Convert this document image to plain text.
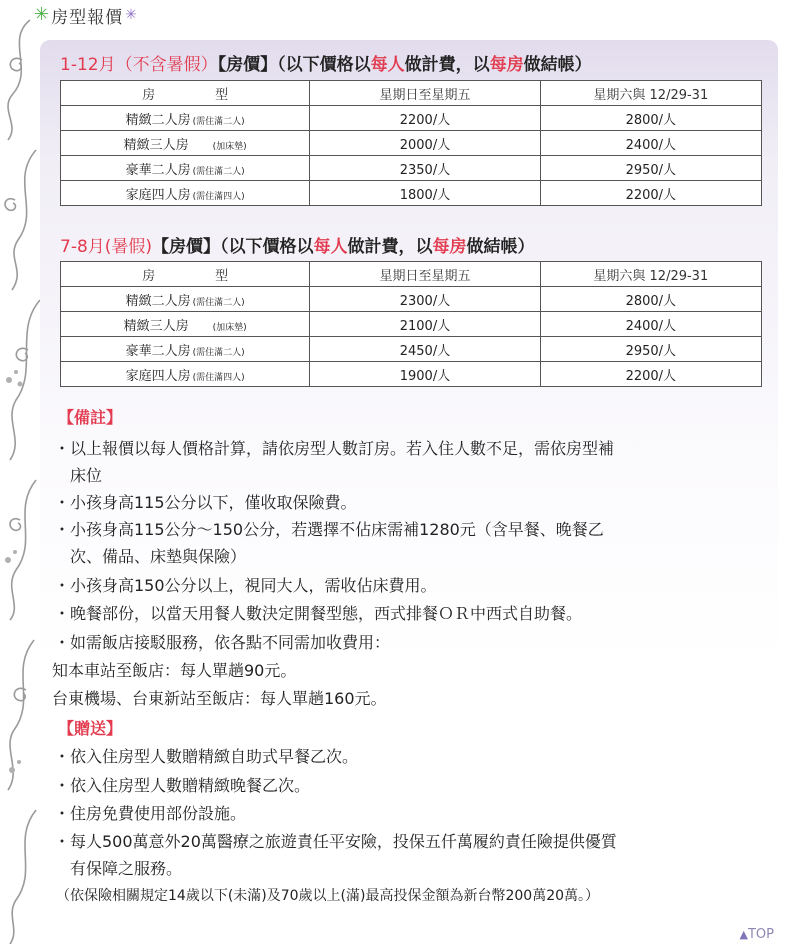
✳ 房型報價 ✳
1-12月（不含暑假）【房價】（以下價格以每人做計費，以每房做結帳）
房 型	星期日至星期五	星期六與 12/29-31
精緻二人房 (需住滿二人)	2200/人	2800/人
精緻三人房 (加床墊)	2000/人	2400/人
豪華二人房 (需住滿二人)	2350/人	2950/人
家庭四人房 (需住滿四人)	1800/人	2200/人
7-8月(暑假)【房價】（以下價格以每人做計費，以每房做結帳）
房 型	星期日至星期五	星期六與 12/29-31
精緻二人房 (需住滿二人)	2300/人	2800/人
精緻三人房 (加床墊)	2100/人	2400/人
豪華二人房 (需住滿二人)	2450/人	2950/人
家庭四人房 (需住滿四人)	1900/人	2200/人
【備註】
・以上報價以每人價格計算，請依房型人數訂房。若入住人數不足，需依房型補
床位
・小孩身高115公分以下，僅收取保險費。
・小孩身高115公分～150公分，若選擇不佔床需補1280元（含早餐、晚餐乙
次、備品、床墊與保險）
・小孩身高150公分以上，視同大人，需收佔床費用。
・晚餐部份，以當天用餐人數決定開餐型態，西式排餐ＯＲ中西式自助餐。
・如需飯店接駁服務，依各點不同需加收費用：
知本車站至飯店：每人單趟90元。
台東機場、台東新站至飯店：每人單趟160元。
【贈送】
・依入住房型人數贈精緻自助式早餐乙次。
・依入住房型人數贈精緻晚餐乙次。
・住房免費使用部份設施。
・每人500萬意外20萬醫療之旅遊責任平安險，投保五仟萬履約責任險提供優質
有保障之服務。
（依保險相關規定14歲以下(未滿)及70歲以上(滿)最高投保金額為新台幣200萬20萬。）
▲TOP
